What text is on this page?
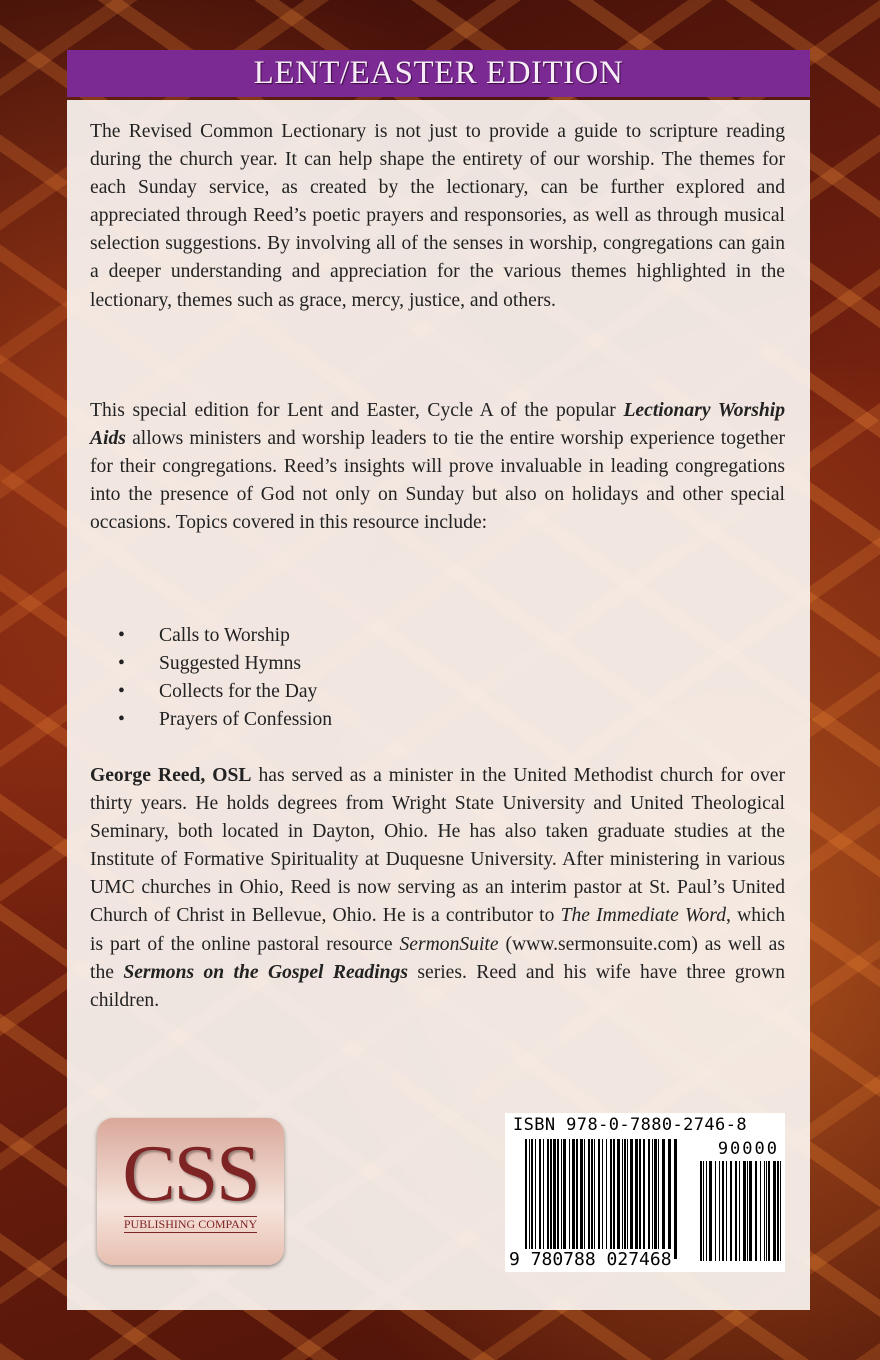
LENT/EASTER EDITION

The Revised Common Lectionary is not just to provide a guide to scripture reading during the church year. It can help shape the entirety of our worship. The themes for each Sunday service, as created by the lectionary, can be further explored and appreciated through Reed’s poetic prayers and responsories, as well as through musical selection suggestions. By involving all of the senses in worship, congregations can gain a deeper understanding and appreciation for the various themes highlighted in the lectionary, themes such as grace, mercy, justice, and others.

This special edition for Lent and Easter, Cycle A of the popular Lectionary Worship Aids allows ministers and worship leaders to tie the entire worship experience together for their congregations. Reed’s insights will prove invaluable in leading congregations into the presence of God not only on Sunday but also on holidays and other special occasions. Topics covered in this resource include:

•	Calls to Worship
•	Suggested Hymns
•	Collects for the Day
•	Prayers of Confession

George Reed, OSL has served as a minister in the United Methodist church for over thirty years. He holds degrees from Wright State University and United Theological Seminary, both located in Dayton, Ohio. He has also taken graduate studies at the Institute of Formative Spirituality at Duquesne University. After ministering in various UMC churches in Ohio, Reed is now serving as an interim pastor at St. Paul’s United Church of Christ in Bellevue, Ohio. He is a contributor to The Immediate Word, which is part of the online pastoral resource SermonSuite (www.sermonsuite.com) as well as the Sermons on the Gospel Readings series. Reed and his wife have three grown children.

CSS
PUBLISHING COMPANY
ISBN 978-0-7880-2746-8
90000
9 780788 027468
